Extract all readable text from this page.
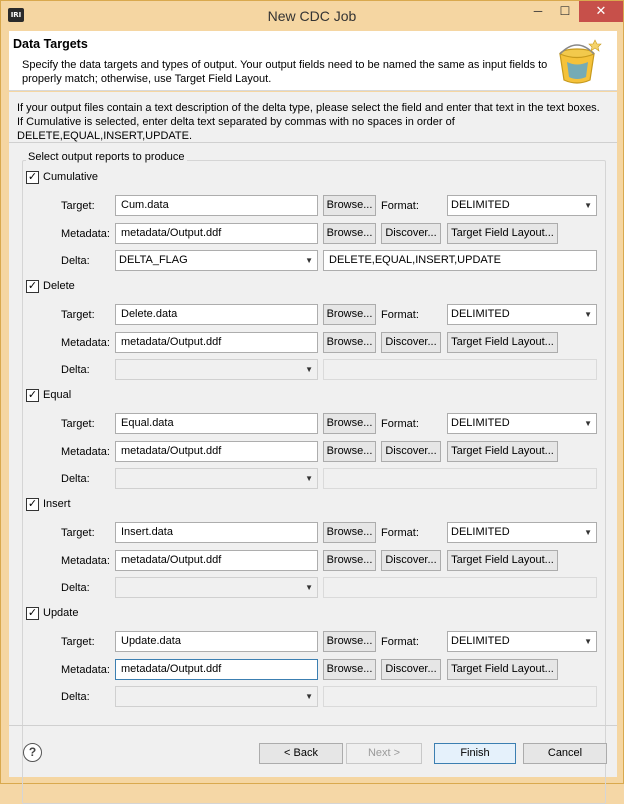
IRI	New CDC Job	─	☐	✕
Data Targets
Specify the data targets and types of output. Your output fields need to be named the same as input fields to properly match; otherwise, use Target Field Layout.
If your output files contain a text description of the delta type, please select the field and enter that text in the text boxes.
If Cumulative is selected, enter delta text separated by commas with no spaces in order of DELETE,EQUAL,INSERT,UPDATE.
Select output reports to produce
✓ Cumulative
Target:	Cum.data	Browse... Format:	DELIMITED	▼
Metadata:	metadata/Output.ddf	Browse...	Discover...	Target Field Layout...
Delta:	DELTA_FLAG	▼	DELETE,EQUAL,INSERT,UPDATE
✓ Delete
Target:	Delete.data	Browse... Format:	DELIMITED	▼
Metadata:	metadata/Output.ddf	Browse...	Discover...	Target Field Layout...
Delta:	▼
✓ Equal
Target:	Equal.data	Browse... Format:	DELIMITED	▼
Metadata:	metadata/Output.ddf	Browse...	Discover...	Target Field Layout...
Delta:	▼
✓ Insert
Target:	Insert.data	Browse... Format:	DELIMITED	▼
Metadata:	metadata/Output.ddf	Browse...	Discover...	Target Field Layout...
Delta:	▼
✓ Update
Target:	Update.data	Browse... Format:	DELIMITED	▼
Metadata:	metadata/Output.ddf	Browse...	Discover...	Target Field Layout...
Delta:	▼
?	< Back	Next >	Finish	Cancel
